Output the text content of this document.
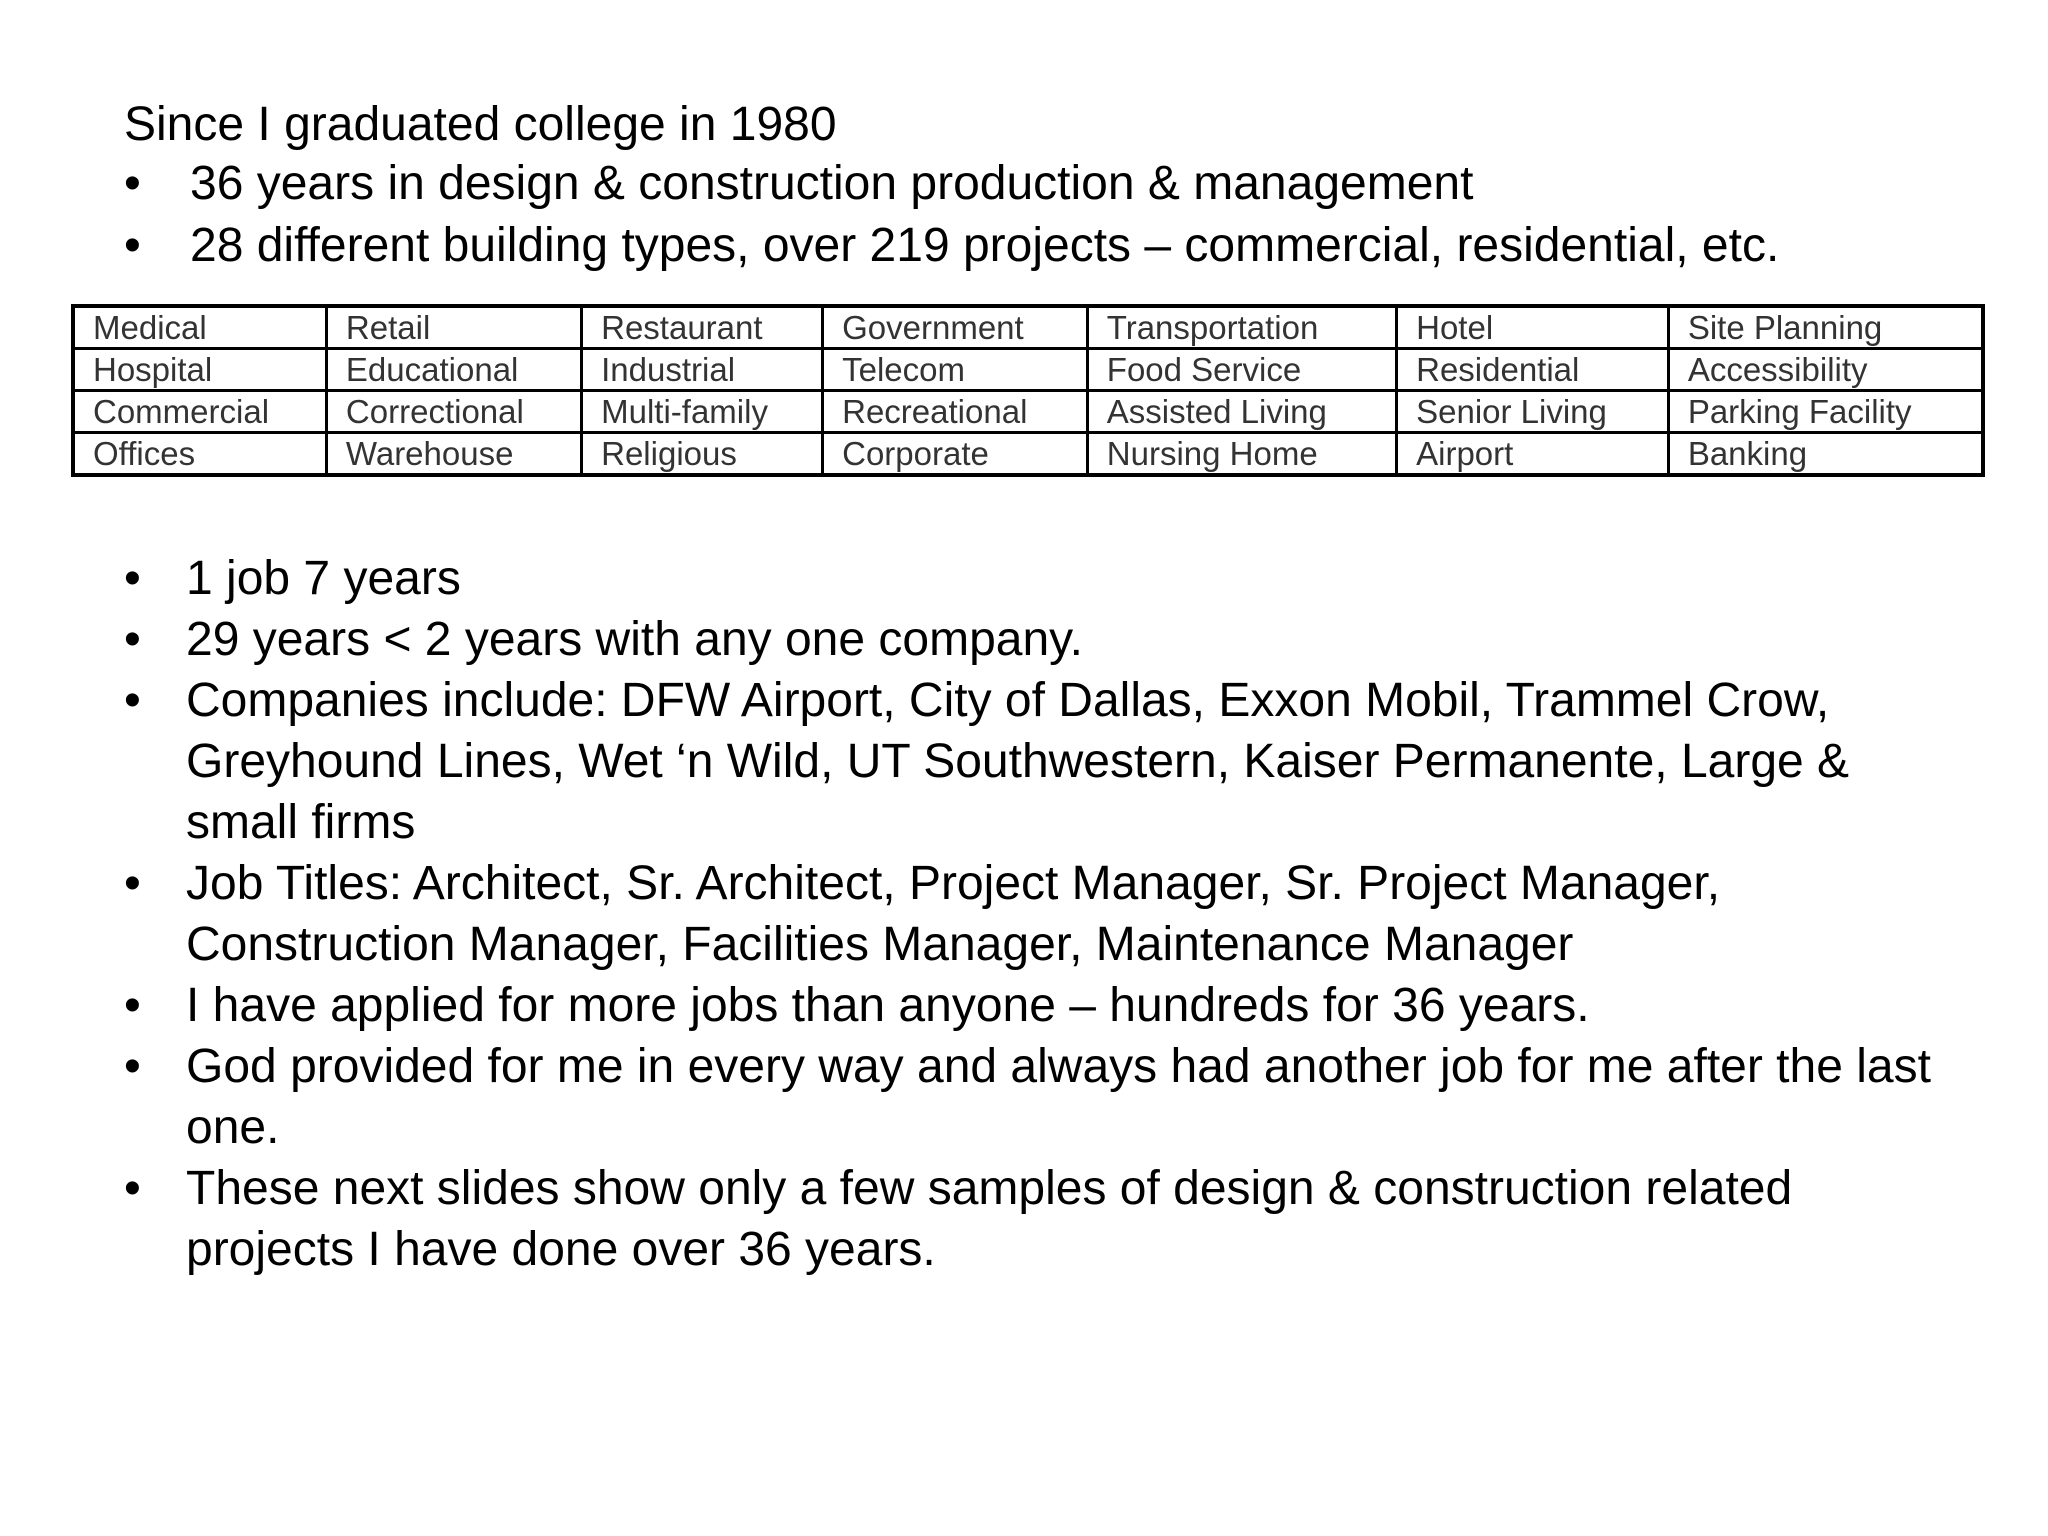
Since I graduated college in 1980

• 36 years in design & construction production & management
• 28 different building types, over 219 projects – commercial, residential, etc.
Medical	Retail	Restaurant	Government	Transportation	Hotel	Site Planning
Hospital	Educational	Industrial	Telecom	Food Service	Residential	Accessibility
Commercial	Correctional	Multi-family	Recreational	Assisted Living	Senior Living	Parking Facility
Offices	Warehouse	Religious	Corporate	Nursing Home	Airport	Banking
• 1 job 7 years
• 29 years < 2 years with any one company.
• Companies include: DFW Airport, City of Dallas, Exxon Mobil, Trammel Crow, Greyhound Lines, Wet ‘n Wild, UT Southwestern, Kaiser Permanente, Large & small firms
• Job Titles: Architect, Sr. Architect, Project Manager, Sr. Project Manager, Construction Manager, Facilities Manager, Maintenance Manager
• I have applied for more jobs than anyone – hundreds for 36 years.
• God provided for me in every way and always had another job for me after the last one.
• These next slides show only a few samples of design & construction related projects I have done over 36 years.
